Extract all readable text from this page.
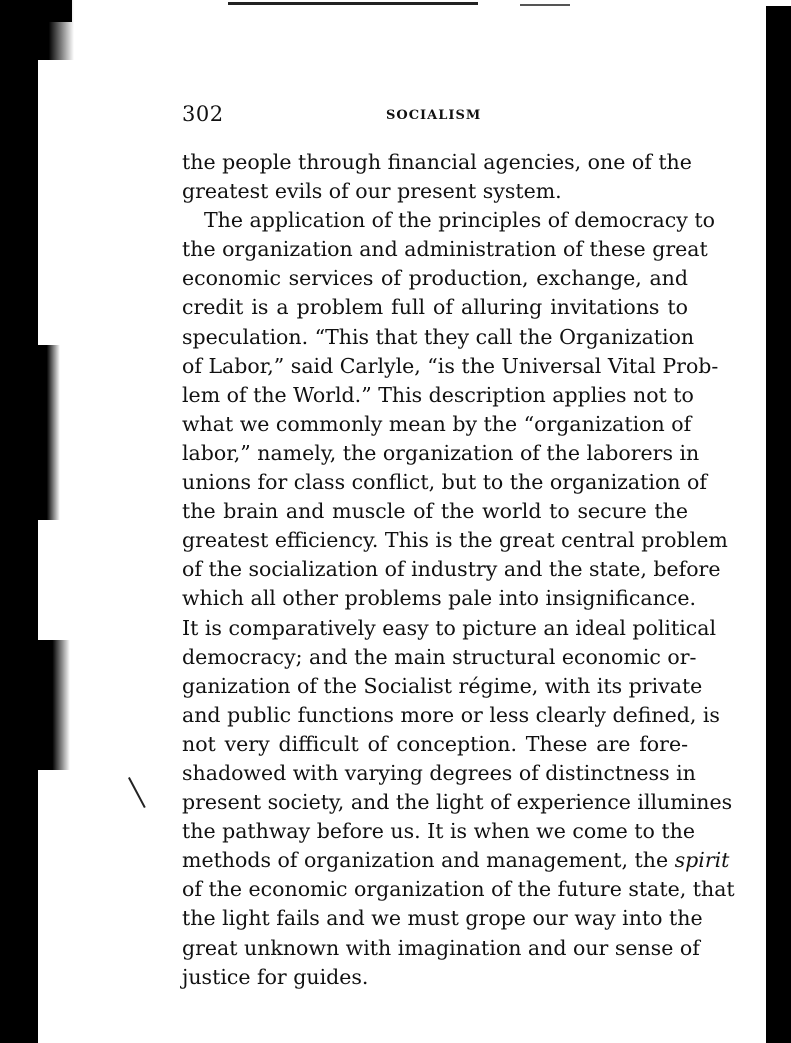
302	SOCIALISM
the people through financial agencies, one of the
greatest evils of our present system.
The application of the principles of democracy to
the organization and administration of these great
economic services of production, exchange, and
credit is a problem full of alluring invitations to
speculation. “This that they call the Organization
of Labor,” said Carlyle, “is the Universal Vital Prob-
lem of the World.” This description applies not to
what we commonly mean by the “organization of
labor,” namely, the organization of the laborers in
unions for class conflict, but to the organization of
the brain and muscle of the world to secure the
greatest efficiency. This is the great central problem
of the socialization of industry and the state, before
which all other problems pale into insignificance.
It is comparatively easy to picture an ideal political
democracy; and the main structural economic or-
ganization of the Socialist régime, with its private
and public functions more or less clearly defined, is
not very difficult of conception. These are fore-
shadowed with varying degrees of distinctness in
present society, and the light of experience illumines
the pathway before us. It is when we come to the
methods of organization and management, the spirit
of the economic organization of the future state, that
the light fails and we must grope our way into the
great unknown with imagination and our sense of
justice for guides.
